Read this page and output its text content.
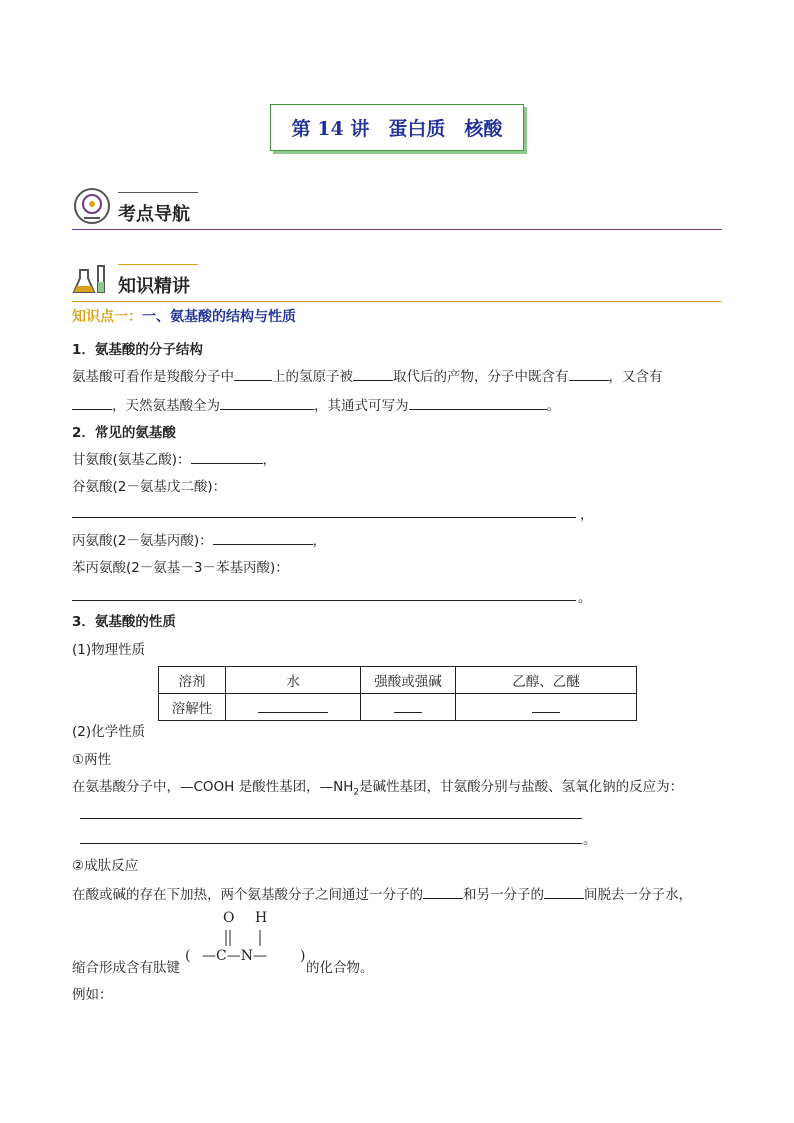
第 14 讲　蛋白质　核酸
考点导航
知识精讲
知识点一：一、氨基酸的结构与性质
1．氨基酸的分子结构
氨基酸可看作是羧酸分子中	上的氢原子被	取代后的产物，分子中既含有	，又含有
，天然氨基酸全为	，其通式可写为	。
2．常见的氨基酸
甘氨酸(氨基乙酸)：	，
谷氨酸(2－氨基戊二酸)：
，
丙氨酸(2－氨基丙酸)：	，
苯丙氨酸(2－氨基－3－苯基丙酸)：
。
3．氨基酸的性质
(1)物理性质
溶剂	水	强酸或强碱	乙醇、乙醚
溶解性			
(2)化学性质
①两性
在氨基酸分子中，—COOH 是酸性基团，$—NH_2$是碱性基团，甘氨酸分别与盐酸、氢氧化钠的反应为：
。
②成肽反应
在酸或碱的存在下加热，两个氨基酸分子之间通过一分子的	和另一分子的	间脱去一分子水，
缩合形成含有肽键
(
O H
—C—N— )
的化合物。
例如：
